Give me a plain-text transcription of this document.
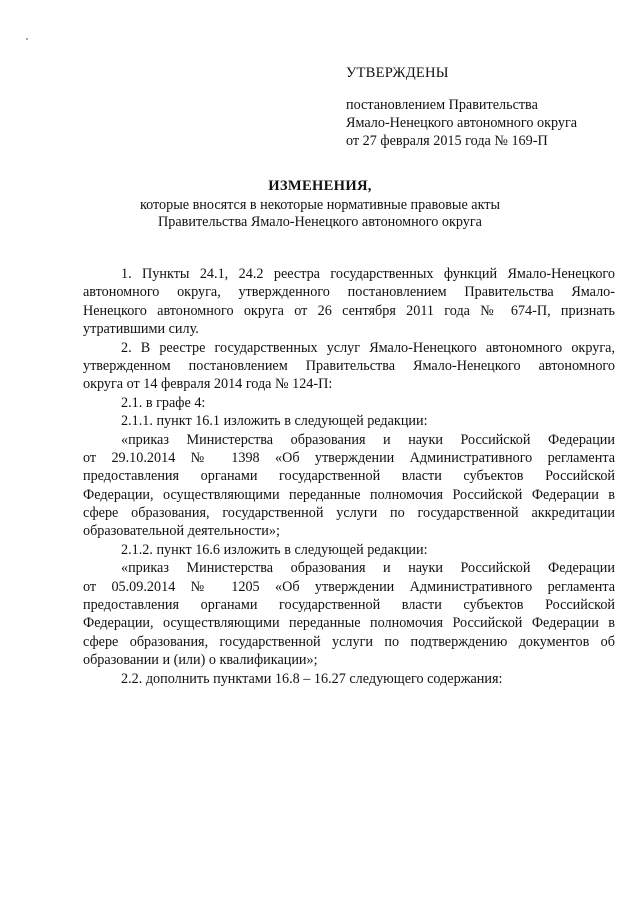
УТВЕРЖДЕНЫ
постановлением Правительства
Ямало-Ненецкого автономного округа
от 27 февраля 2015 года № 169-П
ИЗМЕНЕНИЯ,
которые вносятся в некоторые нормативные правовые акты
Правительства Ямало-Ненецкого автономного округа
1. Пункты 24.1, 24.2 реестра государственных функций Ямало-Ненецкого
автономного округа, утвержденного постановлением Правительства Ямало-
Ненецкого автономного округа от 26 сентября 2011 года № 674-П, признать
утратившими силу.
2. В реестре государственных услуг Ямало-Ненецкого автономного округа,
утвержденном постановлением Правительства Ямало-Ненецкого автономного
округа от 14 февраля 2014 года № 124-П:
2.1. в графе 4:
2.1.1. пункт 16.1 изложить в следующей редакции:
«приказ Министерства образования и науки Российской Федерации
от 29.10.2014 № 1398 «Об утверждении Административного регламента
предоставления органами государственной власти субъектов Российской
Федерации, осуществляющими переданные полномочия Российской Федерации в
сфере образования, государственной услуги по государственной аккредитации
образовательной деятельности»;
2.1.2. пункт 16.6 изложить в следующей редакции:
«приказ Министерства образования и науки Российской Федерации
от 05.09.2014 № 1205 «Об утверждении Административного регламента
предоставления органами государственной власти субъектов Российской
Федерации, осуществляющими переданные полномочия Российской Федерации в
сфере образования, государственной услуги по подтверждению документов об
образовании и (или) о квалификации»;
2.2. дополнить пунктами 16.8 – 16.27 следующего содержания:
